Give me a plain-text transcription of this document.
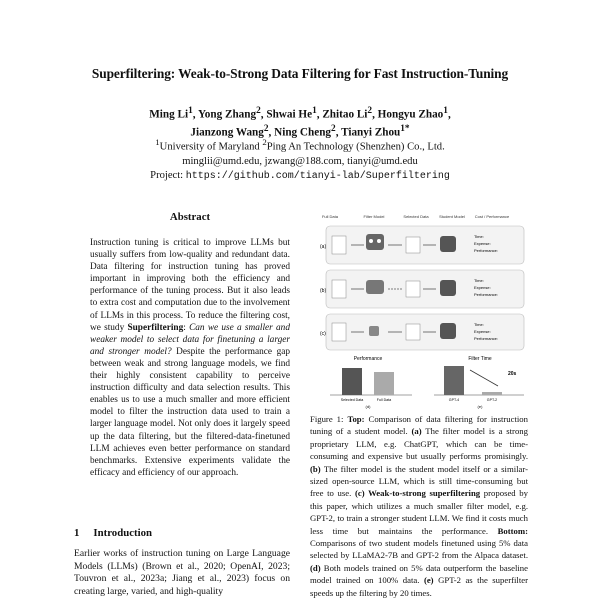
Superfiltering: Weak-to-Strong Data Filtering for Fast Instruction-Tuning
Ming Li$^1$, Yong Zhang$^2$, Shwai He$^1$, Zhitao Li$^2$, Hongyu Zhao$^1$,
Jianzong Wang$^2$, Ning Cheng$^2$, Tianyi Zhou$^{1*}$
$^1$University of Maryland $^2$Ping An Technology (Shenzhen) Co., Ltd.
minglii@umd.edu, jzwang@188.com, tianyi@umd.edu
Project: https://github.com/tianyi-lab/Superfiltering
Abstract

Instruction tuning is critical to improve LLMs but usually suffers from low-quality and redundant data. Data filtering for instruction tuning has proved important in improving both the efficiency and performance of the tuning process. But it also leads to extra cost and computation due to the involvement of LLMs in this process. To reduce the filtering cost, we study Superfiltering: Can we use a smaller and weaker model to select data for finetuning a larger and stronger model? Despite the performance gap between weak and strong language models, we find their highly consistent capability to perceive instruction difficulty and data selection results. This enables us to use a much smaller and more efficient model to filter the instruction data used to train a larger language model. Not only does it largely speed up the data filtering, but the filtered-data-finetuned LLM achieves even better performance on standard benchmarks. Extensive experiments validate the efficacy and efficiency of our approach.

1 Introduction
Earlier works of instruction tuning on Large Language Models (LLMs) (Brown et al., 2020; OpenAI, 2023; Touvron et al., 2023a; Jiang et al., 2023) focus on creating large, varied, and high-quality
Full Data	Filter Model	Selected Data	Student Model Cost / Performance
(a)
Time:
Expense:
Performance:
(b)
Time:
Expense:
Performance:
(c)
Time:
Expense:
Performance:
Performance
Selected Data	Full Data
(d)
Filter Time
20s
GPT-4	GPT-2
(e)
Figure 1: Top: Comparison of data filtering for instruction tuning of a student model. (a) The filter model is a strong proprietary LLM, e.g. ChatGPT, which can be time-consuming and expensive but usually performs promisingly. (b) The filter model is the student model itself or a similar-sized open-source LLM, which is still time-consuming but free to use. (c) Weak-to-strong superfiltering proposed by this paper, which utilizes a much smaller filter model, e.g. GPT-2, to train a stronger student LLM. We find it costs much less time but maintains the performance. Bottom: Comparisons of two student models finetuned using 5% data selected by LLaMA2-7B and GPT-2 from the Alpaca dataset. (d) Both models trained on 5% data outperform the baseline model trained on 100% data. (e) GPT-2 as the superfilter speeds up the filtering by 20 times.
